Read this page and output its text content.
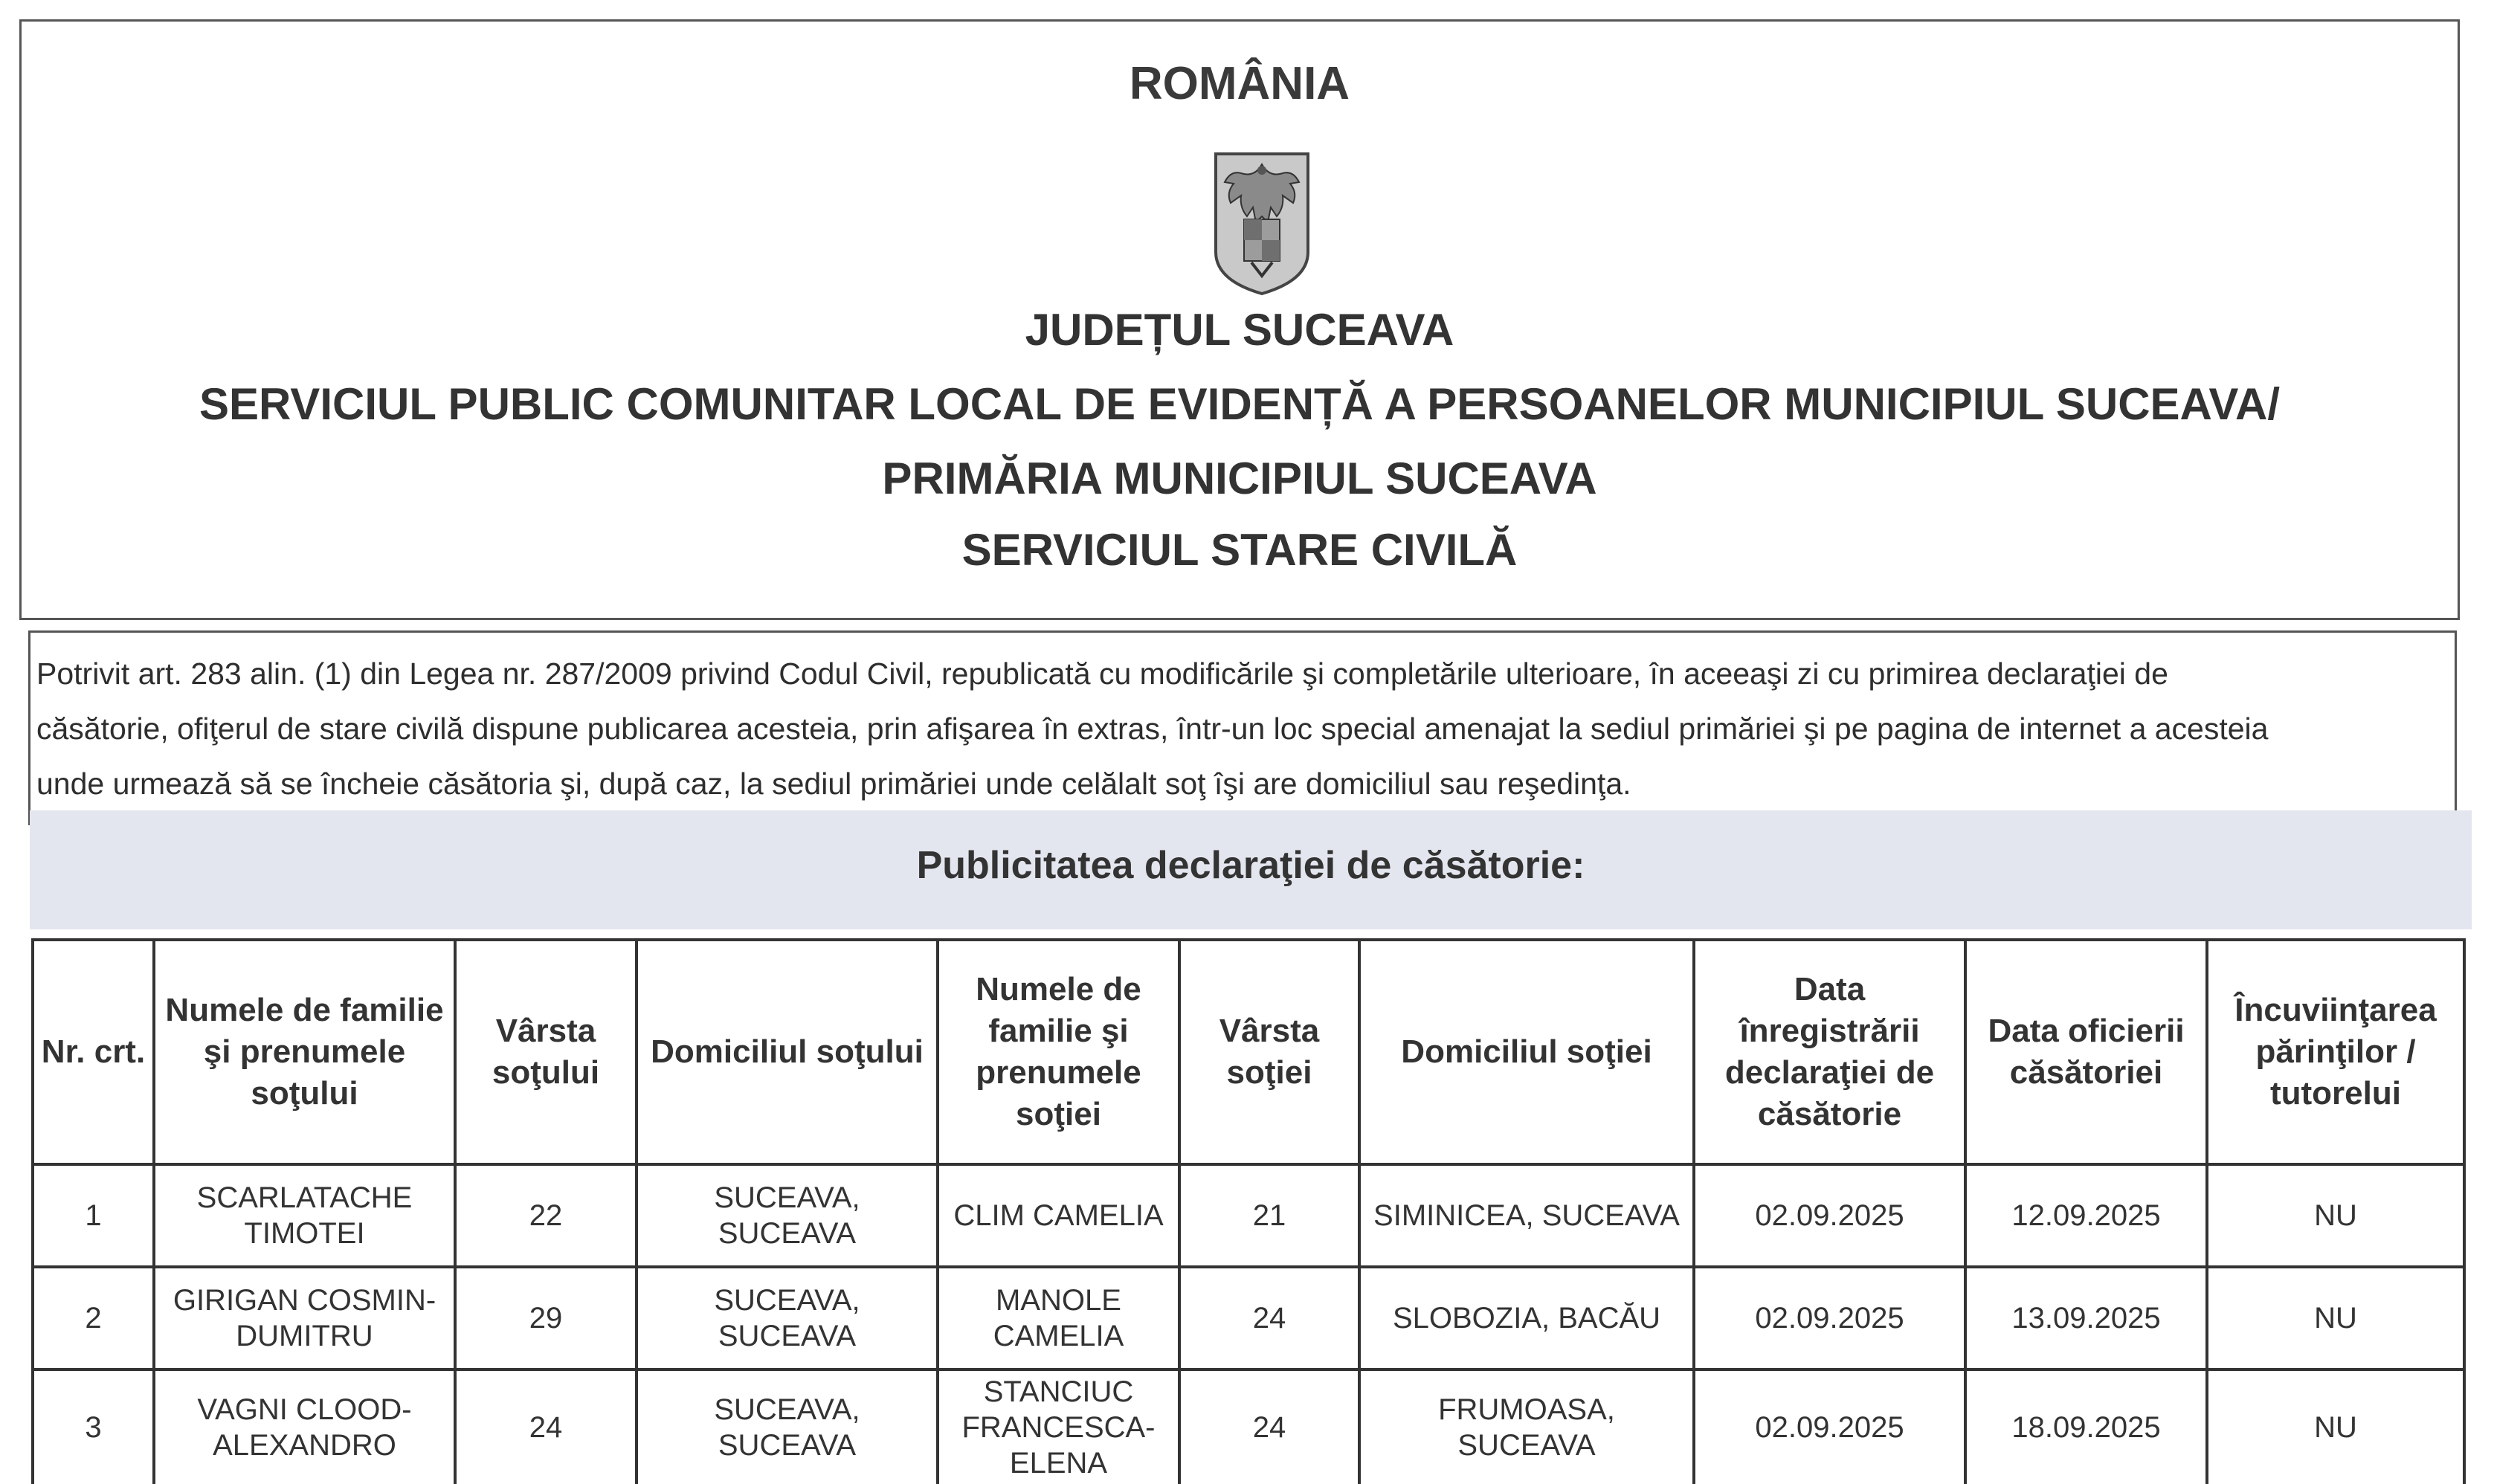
ROMÂNIA
JUDEȚUL SUCEAVA
SERVICIUL PUBLIC COMUNITAR LOCAL DE EVIDENȚĂ A PERSOANELOR MUNICIPIUL SUCEAVA/
PRIMĂRIA MUNICIPIUL SUCEAVA
SERVICIUL STARE CIVILĂ
Potrivit art. 283 alin. (1) din Legea nr. 287/2009 privind Codul Civil, republicată cu modificările şi completările ulterioare, în aceeaşi zi cu primirea declaraţiei de
căsătorie, ofiţerul de stare civilă dispune publicarea acesteia, prin afişarea în extras, într-un loc special amenajat la sediul primăriei şi pe pagina de internet a acesteia
unde urmează să se încheie căsătoria şi, după caz, la sediul primăriei unde celălalt soţ îşi are domiciliul sau reşedinţa.
Publicitatea declaraţiei de căsătorie:
Nr. crt.	Numele de familie şi prenumele soţului	Vârsta soţului	Domiciliul soţului	Numele de familie şi prenumele soţiei	Vârsta soţiei	Domiciliul soţiei	Data înregistrării declaraţiei de căsătorie	Data oficierii căsătoriei	Încuviinţarea părinţilor / tutorelui
1	SCARLATACHE TIMOTEI	22	SUCEAVA, SUCEAVA	CLIM CAMELIA	21	SIMINICEA, SUCEAVA	02.09.2025	12.09.2025	NU
2	GIRIGAN COSMIN-DUMITRU	29	SUCEAVA, SUCEAVA	MANOLE CAMELIA	24	SLOBOZIA, BACĂU	02.09.2025	13.09.2025	NU
3	VAGNI CLOOD-ALEXANDRO	24	SUCEAVA, SUCEAVA	STANCIUC FRANCESCA-ELENA	24	FRUMOASA, SUCEAVA	02.09.2025	18.09.2025	NU
